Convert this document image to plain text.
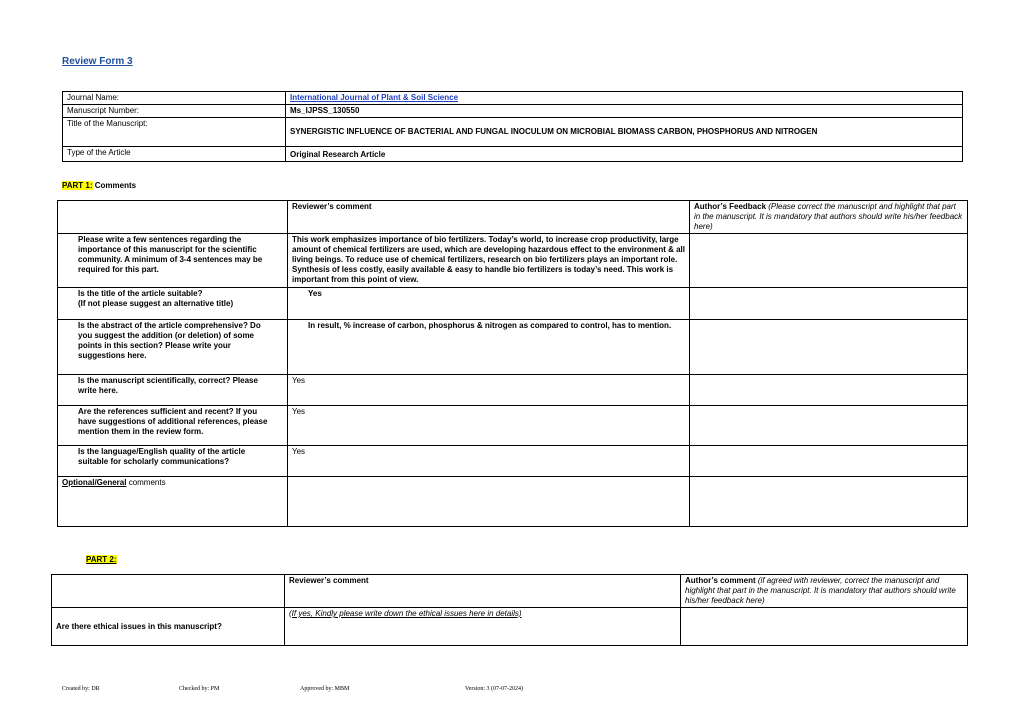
Review Form 3
Journal Name:	International Journal of Plant & Soil Science
Manuscript Number:	Ms_IJPSS_130550
Title of the Manuscript:	SYNERGISTIC INFLUENCE OF BACTERIAL AND FUNGAL INOCULUM ON MICROBIAL BIOMASS CARBON, PHOSPHORUS AND NITROGEN
Type of the Article	Original Research Article
PART 1: Comments
	Reviewer’s comment	Author’s Feedback (Please correct the manuscript and highlight that part in the manuscript. It is mandatory that authors should write his/her feedback here)
Please write a few sentences regarding the importance of this manuscript for the scientific community. A minimum of 3-4 sentences may be required for this part.	This work emphasizes importance of bio fertilizers. Today’s world, to increase crop productivity, large amount of chemical fertilizers are used, which are developing hazardous effect to the environment & all living beings. To reduce use of chemical fertilizers, research on bio fertilizers plays an important role. Synthesis of less costly, easily available & easy to handle bio fertilizers is today’s need. This work is important from this point of view.	
Is the title of the article suitable?
(If not please suggest an alternative title)	Yes	
Is the abstract of the article comprehensive? Do you suggest the addition (or deletion) of some points in this section? Please write your suggestions here.	In result, % increase of carbon, phosphorus & nitrogen as compared to control, has to mention.	
Is the manuscript scientifically, correct? Please write here.	Yes	
Are the references sufficient and recent? If you have suggestions of additional references, please mention them in the review form.	Yes	
Is the language/English quality of the article suitable for scholarly communications?	Yes	
Optional/General comments		
PART 2:
	Reviewer’s comment	Author’s comment (if agreed with reviewer, correct the manuscript and highlight that part in the manuscript. It is mandatory that authors should write his/her feedback here)
Are there ethical issues in this manuscript?	(If yes, Kindly please write down the ethical issues here in details)	
Created by: DR	Checked by: PM	Approved by: MBM	Version: 3 (07-07-2024)
